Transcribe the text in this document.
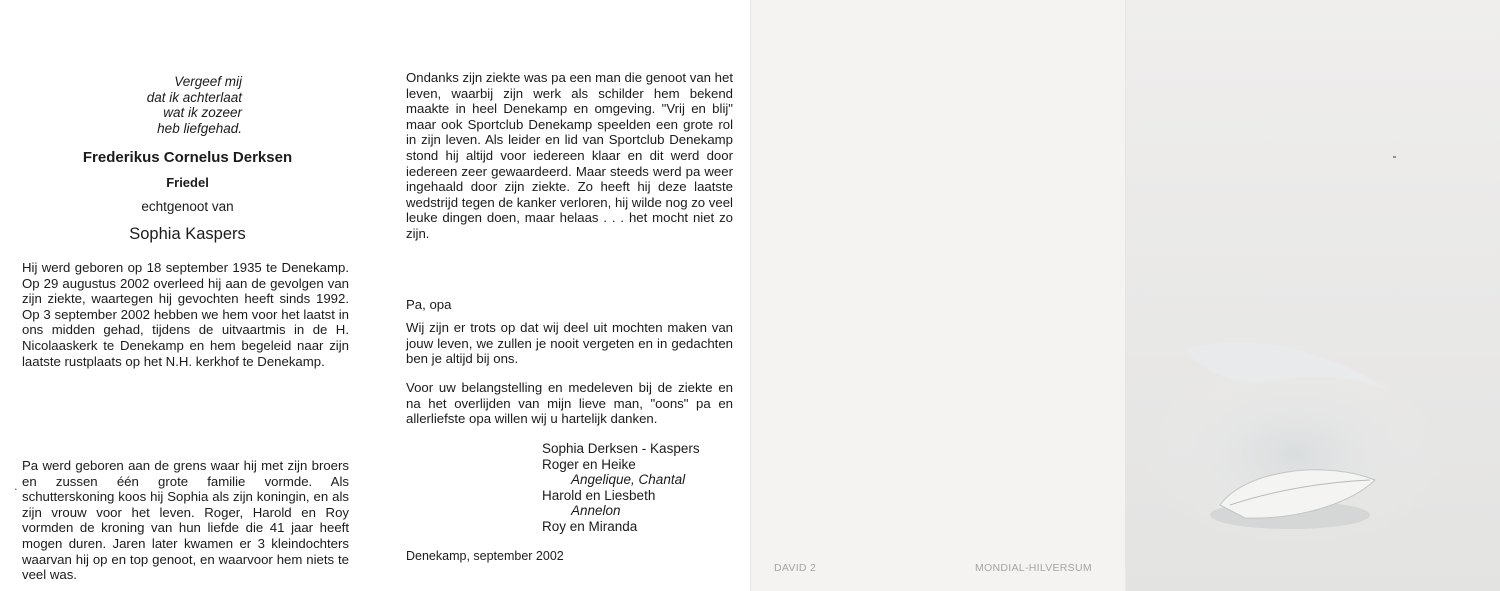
Vergeef mij
dat ik achterlaat
wat ik zozeer
heb liefgehad.
Frederikus Cornelus Derksen
Friedel
echtgenoot van
Sophia Kaspers
Hij werd geboren op 18 september 1935 te Denekamp. Op 29 augustus 2002 overleed hij aan de gevolgen van zijn ziekte, waartegen hij gevochten heeft sinds 1992. Op 3 september 2002 hebben we hem voor het laatst in ons midden gehad, tijdens de uitvaartmis in de H. Nicolaaskerk te Denekamp en hem begeleid naar zijn laatste rustplaats op het N.H. kerkhof te Denekamp.
Pa werd geboren aan de grens waar hij met zijn broers en zussen één grote familie vormde. Als schutterskoning koos hij Sophia als zijn koningin, en als zijn vrouw voor het leven. Roger, Harold en Roy vormden de kroning van hun liefde die 41 jaar heeft mogen duren. Jaren later kwamen er 3 kleindochters waarvan hij op en top genoot, en waarvoor hem niets te veel was.
.
Ondanks zijn ziekte was pa een man die genoot van het leven, waarbij zijn werk als schilder hem bekend maakte in heel Denekamp en omgeving. "Vrij en blij" maar ook Sportclub Denekamp speelden een grote rol in zijn leven. Als leider en lid van Sportclub Denekamp stond hij altijd voor iedereen klaar en dit werd door iedereen zeer gewaardeerd. Maar steeds werd pa weer ingehaald door zijn ziekte. Zo heeft hij deze laatste wedstrijd tegen de kanker verloren, hij wilde nog zo veel leuke dingen doen, maar helaas . . . het mocht niet zo zijn.
Pa, opa
Wij zijn er trots op dat wij deel uit mochten maken van jouw leven, we zullen je nooit vergeten en in gedachten ben je altijd bij ons.
Voor uw belangstelling en medeleven bij de ziekte en na het overlijden van mijn lieve man, "oons" pa en allerliefste opa willen wij u hartelijk danken.
Sophia Derksen - Kaspers
Roger en Heike
Angelique, Chantal
Harold en Liesbeth
Annelon
Roy en Miranda
Denekamp, september 2002
DAVID 2	MONDIAL-HILVERSUM
